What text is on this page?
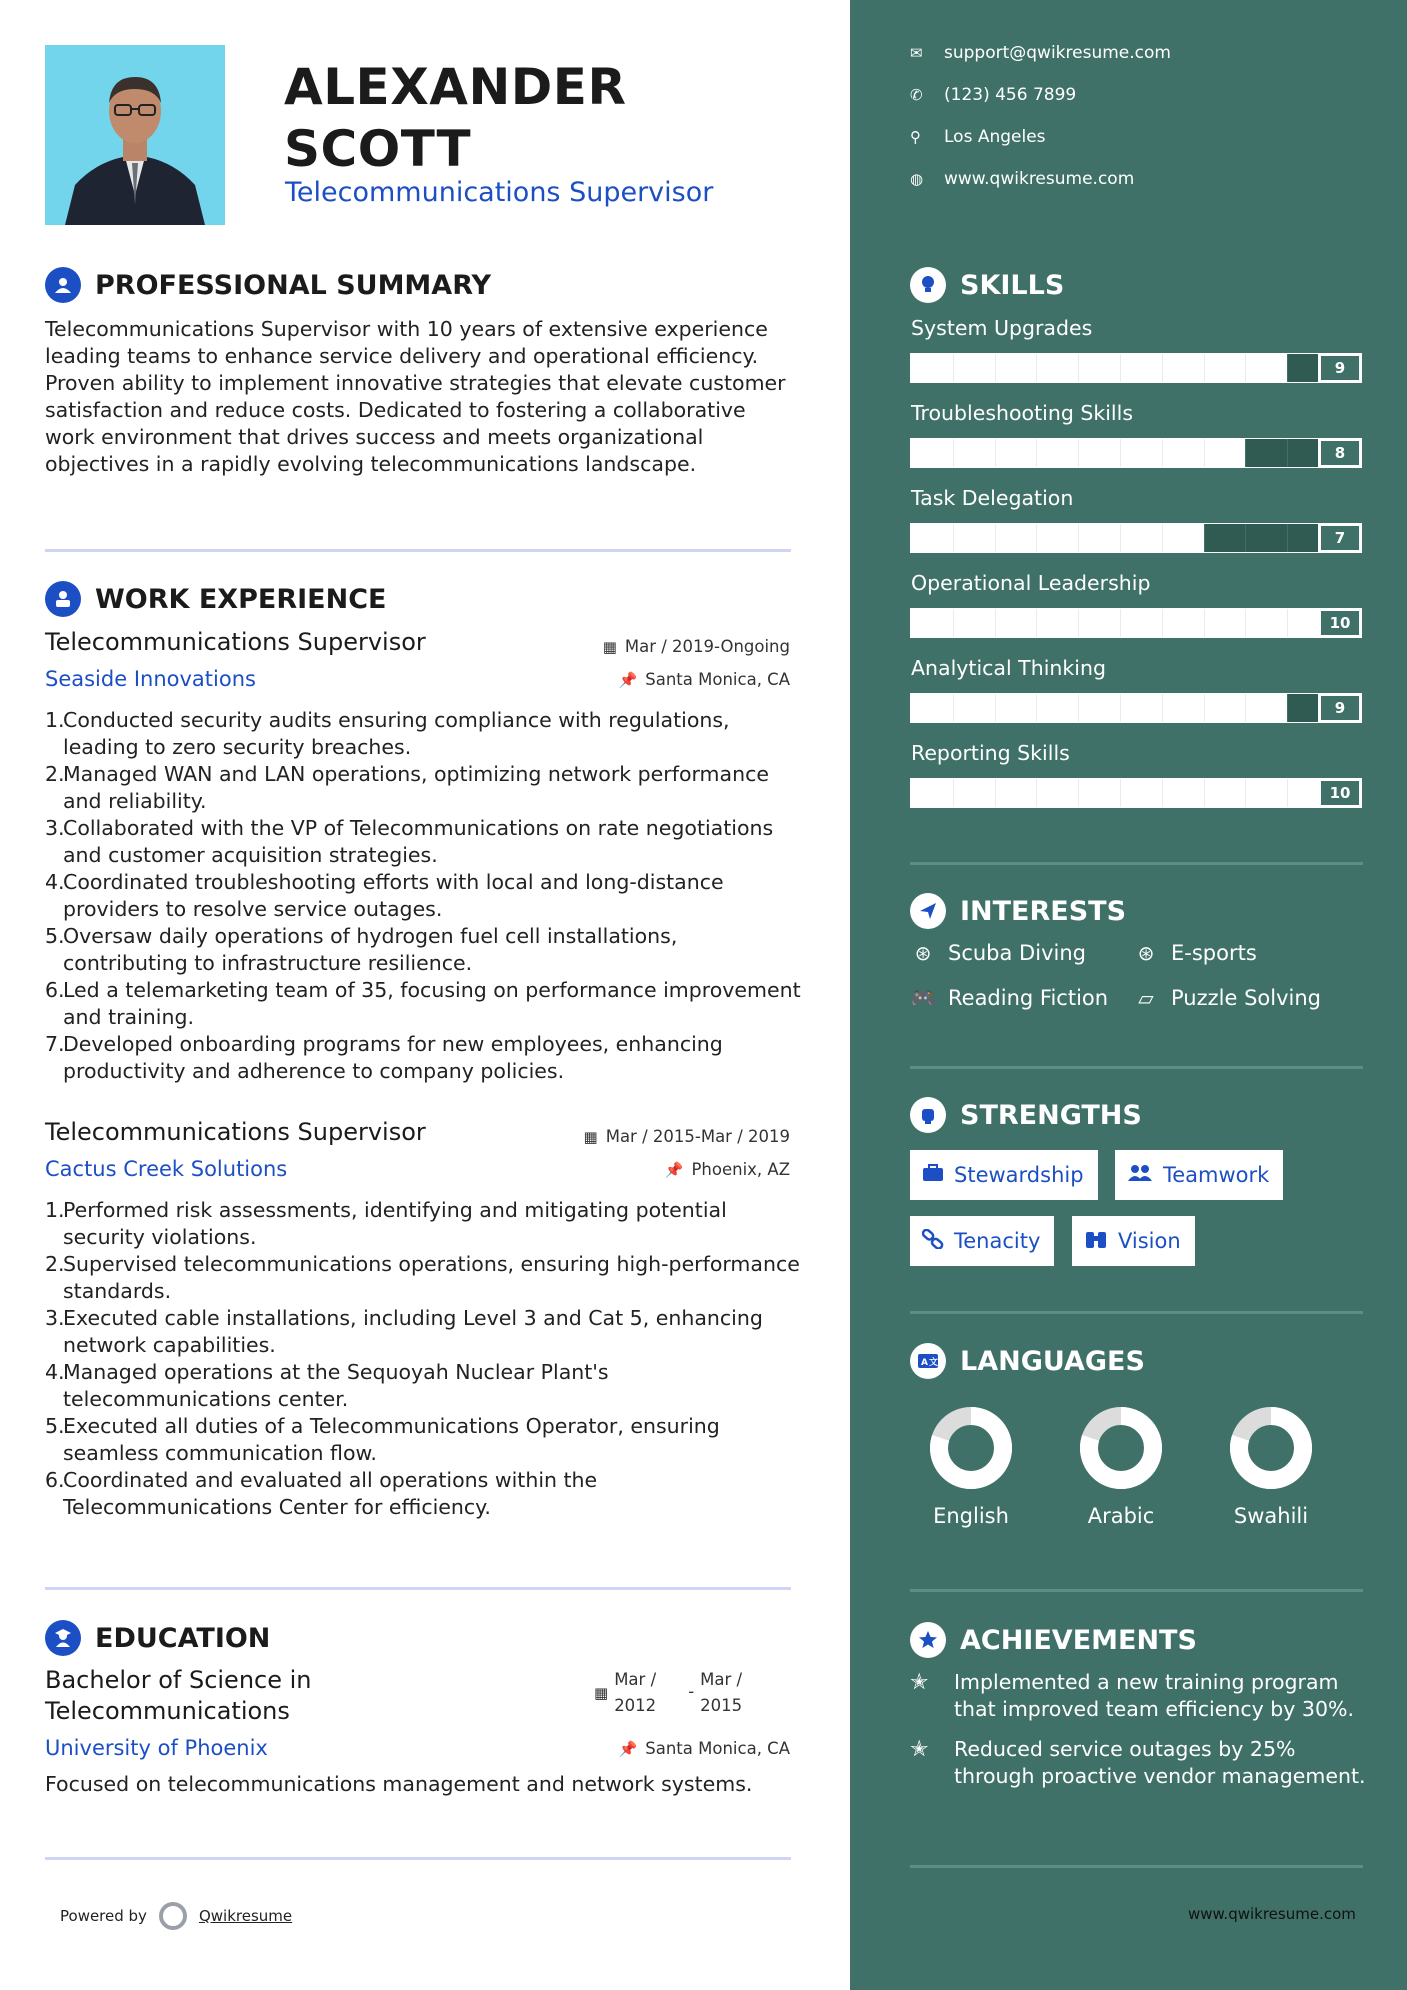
ALEXANDER
SCOTT
Telecommunications Supervisor
PROFESSIONAL SUMMARY
Telecommunications Supervisor with 10 years of extensive experience leading teams to enhance service delivery and operational efficiency. Proven ability to implement innovative strategies that elevate customer satisfaction and reduce costs. Dedicated to fostering a collaborative work environment that drives success and meets organizational objectives in a rapidly evolving telecommunications landscape.
WORK EXPERIENCE
Telecommunications Supervisor
Seaside Innovations
▦ Mar / 2019-Ongoing
📌 Santa Monica, CA
1.
Conducted security audits ensuring compliance with regulations, leading to zero security breaches.
2.
Managed WAN and LAN operations, optimizing network performance and reliability.
3.
Collaborated with the VP of Telecommunications on rate negotiations and customer acquisition strategies.
4.
Coordinated troubleshooting efforts with local and long-distance providers to resolve service outages.
5.
Oversaw daily operations of hydrogen fuel cell installations, contributing to infrastructure resilience.
6.
Led a telemarketing team of 35, focusing on performance improvement and training.
7.
Developed onboarding programs for new employees, enhancing productivity and adherence to company policies.
Telecommunications Supervisor
Cactus Creek Solutions
▦ Mar / 2015-Mar / 2019
📌 Phoenix, AZ
1.
Performed risk assessments, identifying and mitigating potential security violations.
2.
Supervised telecommunications operations, ensuring high-performance standards.
3.
Executed cable installations, including Level 3 and Cat 5, enhancing network capabilities.
4.
Managed operations at the Sequoyah Nuclear Plant's telecommunications center.
5.
Executed all duties of a Telecommunications Operator, ensuring seamless communication flow.
6.
Coordinated and evaluated all operations within the Telecommunications Center for efficiency.
EDUCATION
Bachelor of Science in
Telecommunications
University of Phoenix
▦
Mar /
2012
-
Mar /
2015
📌 Santa Monica, CA
Focused on telecommunications management and network systems.
Powered by	Qwikresume
✉	support@qwikresume.com
✆	(123) 456 7899
⚲	Los Angeles
◍	www.qwikresume.com
SKILLS
System Upgrades
9
Troubleshooting Skills
8
Task Delegation
7
Operational Leadership
10
Analytical Thinking
9
Reporting Skills
10
INTERESTS
⊛ Scuba Diving	⊛ E-sports
🎮 Reading Fiction ▱ Puzzle Solving
STRENGTHS
Stewardship	Teamwork
Tenacity	Vision
A 文 LANGUAGES
English	Arabic	Swahili
ACHIEVEMENTS
✭	Implemented a new training program that improved team efficiency by 30%.
✭	Reduced service outages by 25% through proactive vendor management.
www.qwikresume.com
